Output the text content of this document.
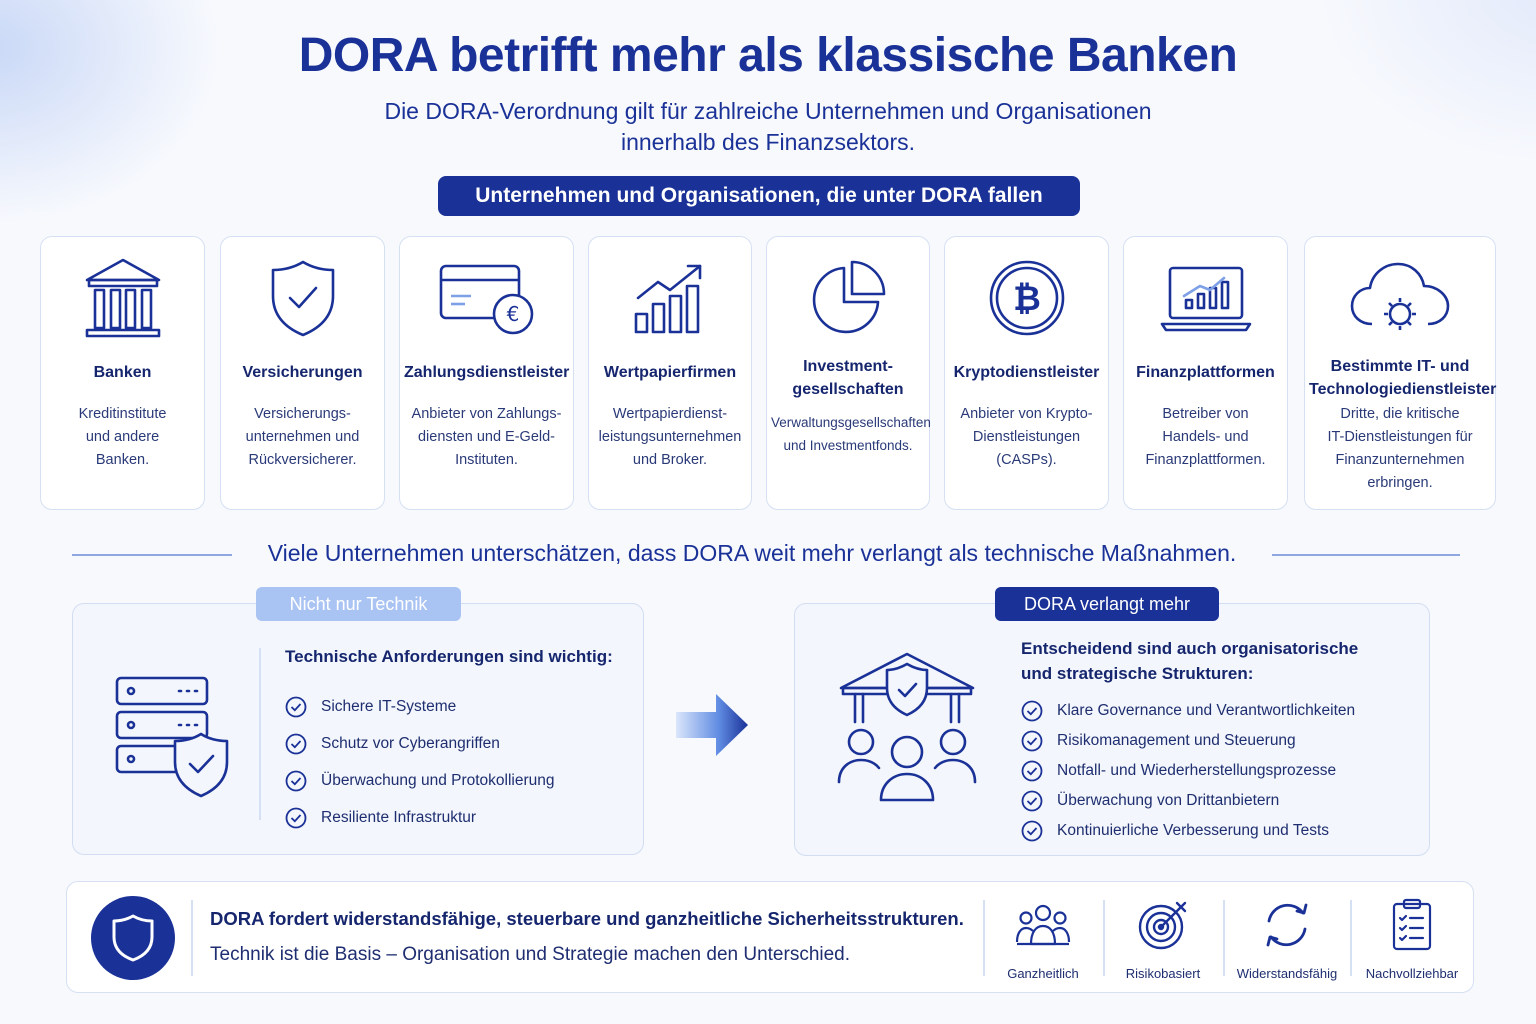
DORA betrifft mehr als klassische Banken
Die DORA-Verordnung gilt für zahlreiche Unternehmen und Organisationen
innerhalb des Finanzsektors.
Unternehmen und Organisationen, die unter DORA fallen
Banken
Kreditinstitute
und andere
Banken.
Versicherungen
Versicherungs-
unternehmen und
Rückversicherer.
€
Zahlungsdienstleister
Anbieter von Zahlungs-
diensten und E-Geld-
Instituten.
Wertpapierfirmen
Wertpapierdienst-
leistungsunternehmen
und Broker.
Investment-
gesellschaften
Verwaltungsgesellschaften
und Investmentfonds.
₿
Kryptodienstleister
Anbieter von Krypto-
Dienstleistungen
(CASPs).
Finanzplattformen
Betreiber von
Handels- und
Finanzplattformen.
Bestimmte IT- und
Technologiedienstleister
Dritte, die kritische
IT-Dienstleistungen für
Finanzunternehmen
erbringen.
Viele Unternehmen unterschätzen, dass DORA weit mehr verlangt als technische Maßnahmen.
Technische Anforderungen sind wichtig:
Sichere IT-Systeme
Schutz vor Cyberangriffen
Überwachung und Protokollierung
Resiliente Infrastruktur
Nicht nur Technik
Entscheidend sind auch organisatorische
und strategische Strukturen:
Klare Governance und Verantwortlichkeiten
Risikomanagement und Steuerung
Notfall- und Wiederherstellungsprozesse
Überwachung von Drittanbietern
Kontinuierliche Verbesserung und Tests
DORA verlangt mehr
DORA fordert widerstandsfähige, steuerbare und ganzheitliche Sicherheitsstrukturen.
Technik ist die Basis – Organisation und Strategie machen den Unterschied.
Ganzheitlich	Risikobasiert	Widerstandsfähig	Nachvollziehbar
